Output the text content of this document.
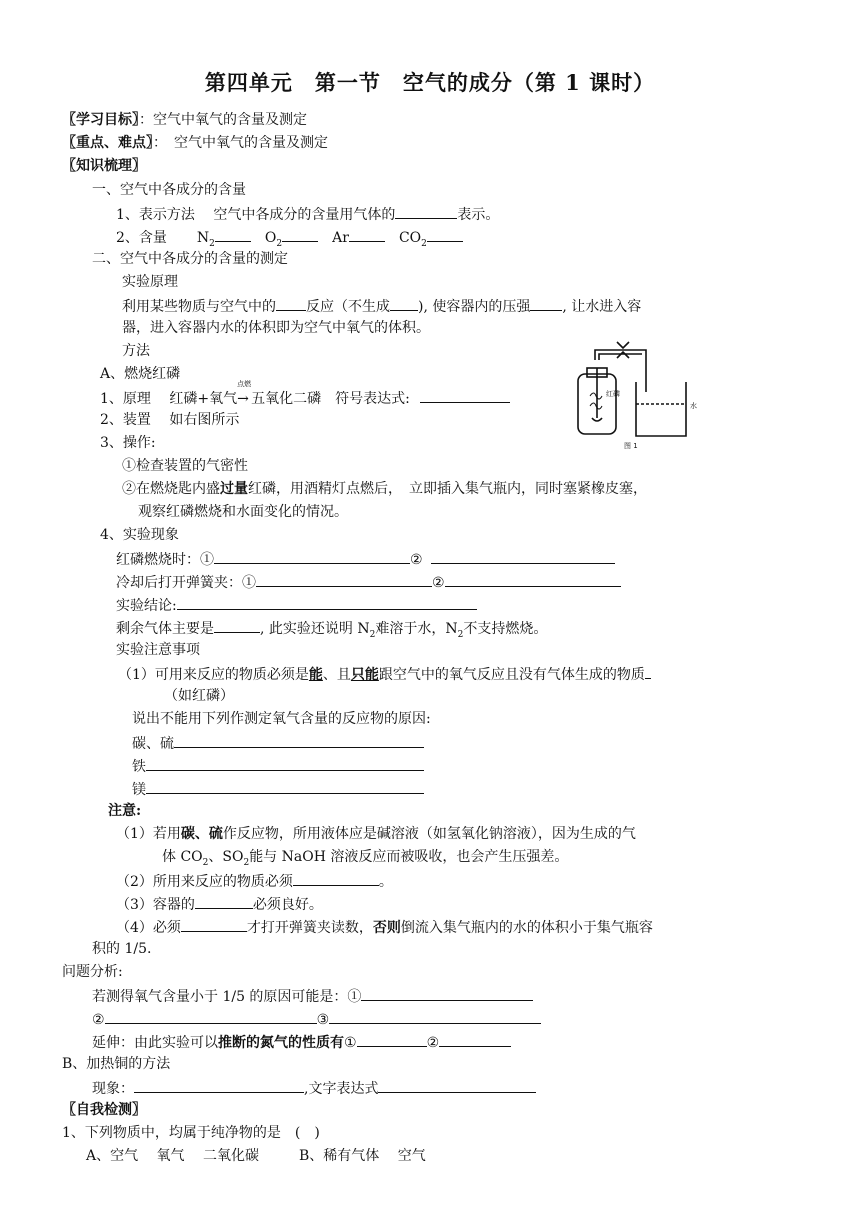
第四单元　第一节　空气的成分（第 1 课时）
〖学习目标〗：空气中氧气的含量及测定
〖重点、难点〗：　空气中氧气的含量及测定
〖知识梳理〗
一、空气中各成分的含量
1、表示方法　 空气中各成分的含量用气体的	表示。
2、含量 $N_2$	$O_2$	Ar	$CO_2$
二、空气中各成分的含量的测定
实验原理
利用某些物质与空气中的 反应（不生成 ), 使容器内的压强 , 让水进入容
器，进入容器内水的体积即为空气中氧气的体积。
方法
A、燃烧红磷
1、原理　 红磷+氧气
点燃
→ 五氧化二磷　符号表达式:
2、装置　 如右图所示
3、操作:
①检查装置的气密性
②在燃烧匙内盛过量红磷，用酒精灯点燃后，　立即插入集气瓶内，同时塞紧橡皮塞，
观察红磷燃烧和水面变化的情况。
4、实验现象
红磷燃烧时：①	②
冷却后打开弹簧夹：①	②
实验结论:
剩余气体主要是	, 此实验还说明 $N_2$难溶于水，$N_2$不支持燃烧。
实验注意事项
（1）可用来反应的物质必须是能、且只能跟空气中的氧气反应且没有气体生成的物质
（如红磷）
说出不能用下列作测定氧气含量的反应物的原因:
碳、硫
铁
镁
注意:
（1）若用碳、硫作反应物，所用液体应是碱溶液（如氢氧化钠溶液），因为生成的气
体 $CO_2$、$SO_2$能与 NaOH 溶液反应而被吸收，也会产生压强差。
（2）所用来反应的物质必须	。
（3）容器的	必须良好。
（4）必须	才打开弹簧夹读数，否则倒流入集气瓶内的水的体积小于集气瓶容
积的 1/5.
问题分析:
若测得氧气含量小于 1/5 的原因可能是：①
②	③
延伸：由此实验可以推断的氮气的性质有①	②
B、加热铜的方法
现象：	,文字表达式
〖自我检测〗
1、下列物质中，均属于纯净物的是　(　)
A、空气　 氧气　 二氧化碳	B、稀有气体　 空气
红磷
水
图 1
